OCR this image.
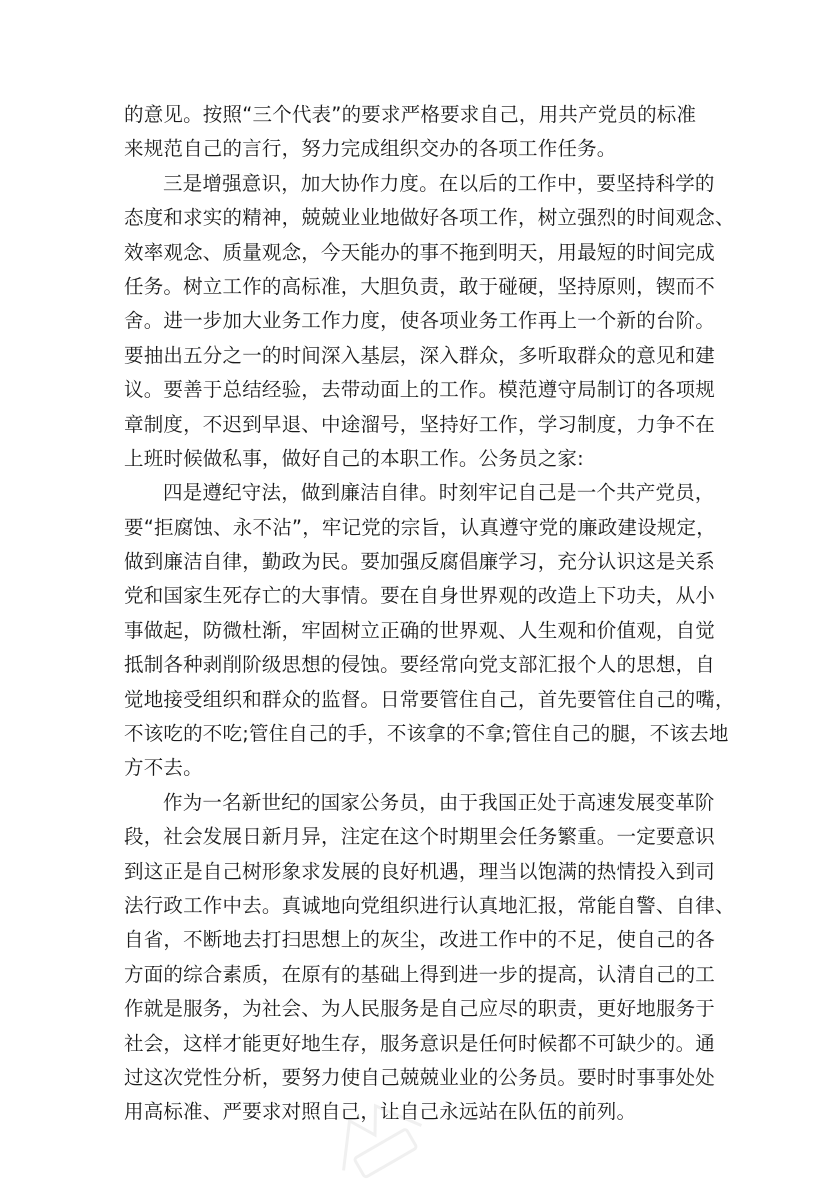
的意见。按照“三个代表”的要求严格要求自己，用共产党员的标准
来规范自己的言行，努力完成组织交办的各项工作任务。
三是增强意识，加大协作力度。在以后的工作中，要坚持科学的
态度和求实的精神，兢兢业业地做好各项工作，树立强烈的时间观念、
效率观念、质量观念，今天能办的事不拖到明天，用最短的时间完成
任务。树立工作的高标准，大胆负责，敢于碰硬，坚持原则，锲而不
舍。进一步加大业务工作力度，使各项业务工作再上一个新的台阶。
要抽出五分之一的时间深入基层，深入群众，多听取群众的意见和建
议。要善于总结经验，去带动面上的工作。模范遵守局制订的各项规
章制度，不迟到早退、中途溜号，坚持好工作，学习制度，力争不在
上班时候做私事，做好自己的本职工作。公务员之家:
四是遵纪守法，做到廉洁自律。时刻牢记自己是一个共产党员，
要“拒腐蚀、永不沾”，牢记党的宗旨，认真遵守党的廉政建设规定，
做到廉洁自律，勤政为民。要加强反腐倡廉学习，充分认识这是关系
党和国家生死存亡的大事情。要在自身世界观的改造上下功夫，从小
事做起，防微杜渐，牢固树立正确的世界观、人生观和价值观，自觉
抵制各种剥削阶级思想的侵蚀。要经常向党支部汇报个人的思想，自
觉地接受组织和群众的监督。日常要管住自己，首先要管住自己的嘴，
不该吃的不吃;管住自己的手，不该拿的不拿;管住自己的腿，不该去地
方不去。
作为一名新世纪的国家公务员，由于我国正处于高速发展变革阶
段，社会发展日新月异，注定在这个时期里会任务繁重。一定要意识
到这正是自己树形象求发展的良好机遇，理当以饱满的热情投入到司
法行政工作中去。真诚地向党组织进行认真地汇报，常能自警、自律、
自省，不断地去打扫思想上的灰尘，改进工作中的不足，使自己的各
方面的综合素质，在原有的基础上得到进一步的提高，认清自己的工
作就是服务，为社会、为人民服务是自己应尽的职责，更好地服务于
社会，这样才能更好地生存，服务意识是任何时候都不可缺少的。通
过这次党性分析，要努力使自己兢兢业业的公务员。要时时事事处处
用高标准、严要求对照自己，让自己永远站在队伍的前列。
